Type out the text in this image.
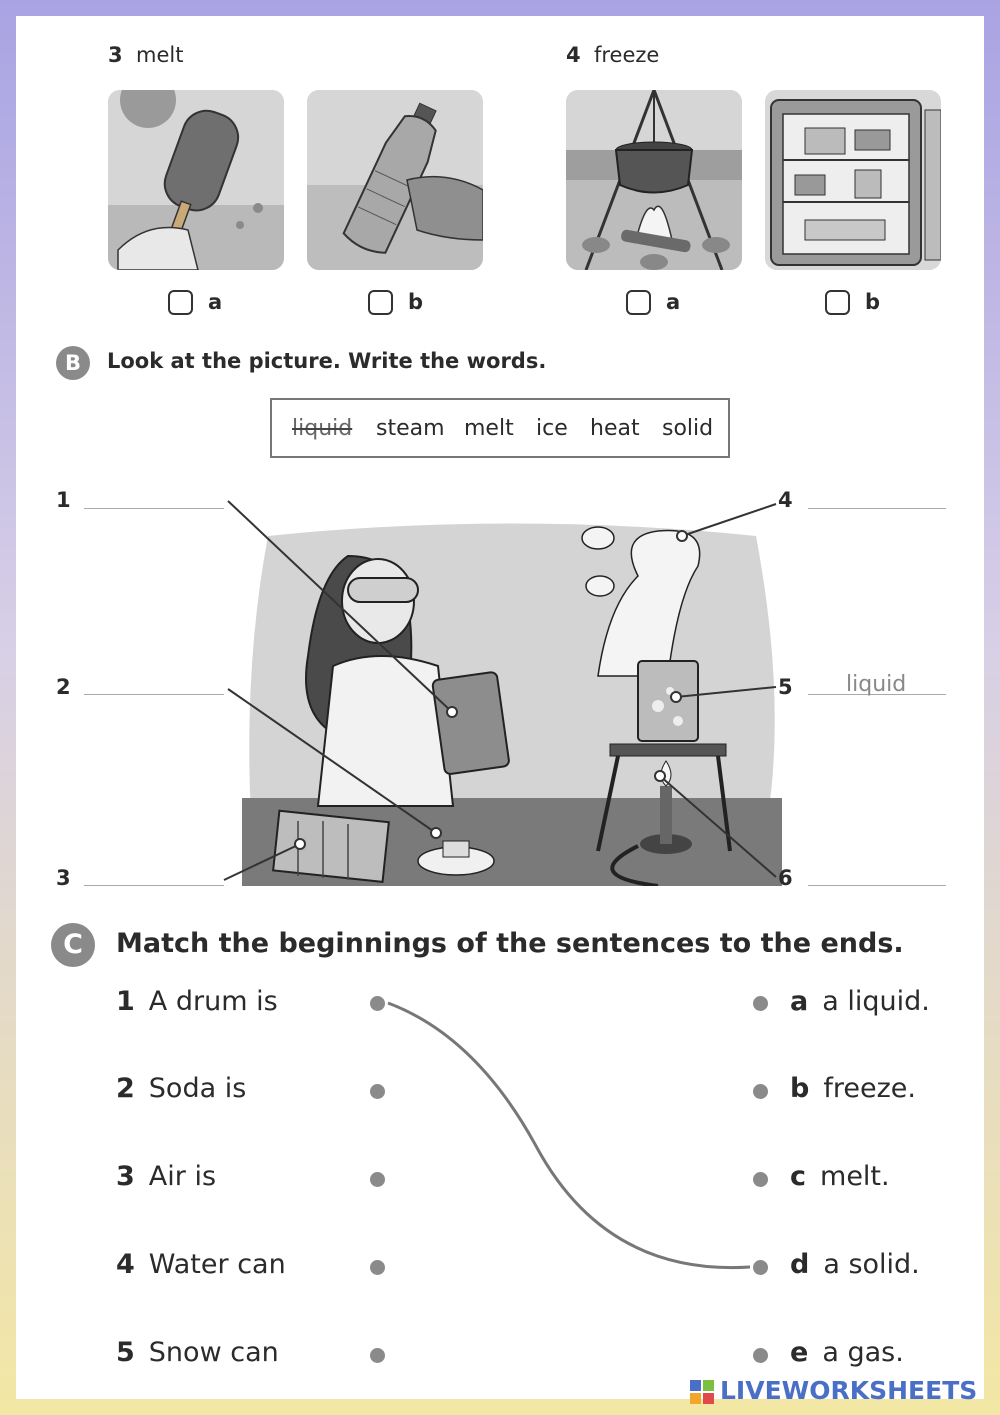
3 melt	4 freeze
a	b	a	b
B	Look at the picture. Write the words.
liquid steam melt ice heat solid
1
2
3
4
5 liquid
6
C	Match the beginnings of the sentences to the ends.
1 A drum is
2 Soda is
3 Air is
4 Water can
5 Snow can
a a liquid.
b freeze.
c melt.
d a solid.
e a gas.
LIVEWORKSHEETS
